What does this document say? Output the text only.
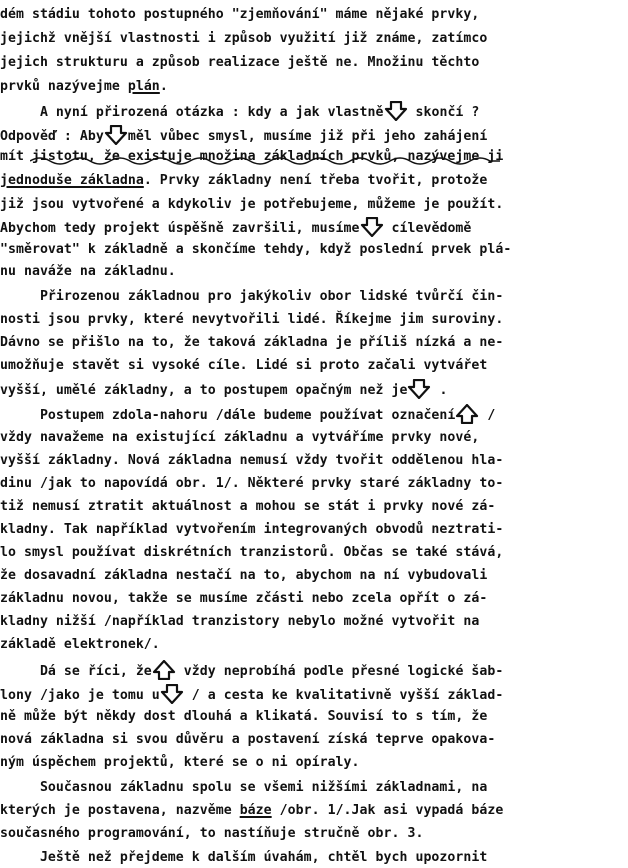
dém stádiu tohoto postupného "zjemňování" máme nějaké prvky,
jejichž vnější vlastnosti i způsob využití již známe, zatímco
jejich strukturu a způsob realizace ještě ne. Množinu těchto
prvků nazývejme plán.
A nyní přirozená otázka : kdy a jak vlastně
skončí ?
Odpověď : Aby měl vůbec smysl, musíme již při jeho zahájení
mít jistotu, že existuje množina základních prvků, nazývejme ji
jednoduše základna. Prvky základny není třeba tvořit, protože
již jsou vytvořené a kdykoliv je potřebujeme, můžeme je použít.
Abychom tedy projekt úspěšně završili, musíme
cílevědomě
"směrovat" k základně a skončíme tehdy, když poslední prvek plá-
nu naváže na základnu.
Přirozenou základnou pro jakýkoliv obor lidské tvůrčí čin-
nosti jsou prvky, které nevytvořili lidé. Říkejme jim suroviny.
Dávno se přišlo na to, že taková základna je příliš nízká a ne-
umožňuje stavět si vysoké cíle. Lidé si proto začali vytvářet
vyšší, umělé základny, a to postupem opačným než je
.
Postupem zdola-nahoru /dále budeme používat označení
/
vždy navažeme na existující základnu a vytváříme prvky nové,
vyšší základny. Nová základna nemusí vždy tvořit oddělenou hla-
dinu /jak to napovídá obr. 1/. Některé prvky staré základny to-
tiž nemusí ztratit aktuálnost a mohou se stát i prvky nové zá-
kladny. Tak například vytvořením integrovaných obvodů neztrati-
lo smysl používat diskrétních tranzistorů. Občas se také stává,
že dosavadní základna nestačí na to, abychom na ní vybudovali
základnu novou, takže se musíme zčásti nebo zcela opřít o zá-
kladny nižší /například tranzistory nebylo možné vytvořit na
základě elektronek/.
Dá se říci, že
vždy neprobíhá podle přesné logické šab-
lony /jako je tomu u
/ a cesta ke kvalitativně vyšší základ-
ně může být někdy dost dlouhá a klikatá. Souvisí to s tím, že
nová základna si svou důvěru a postavení získá teprve opakova-
ným úspěchem projektů, které se o ni opíraly.
Současnou základnu spolu se všemi nižšími základnami, na
kterých je postavena, nazvěme báze /obr. 1/.Jak asi vypadá báze
současného programování, to nastíňuje stručně obr. 3.
Ještě než přejdeme k dalším úvahám, chtěl bych upozornit
